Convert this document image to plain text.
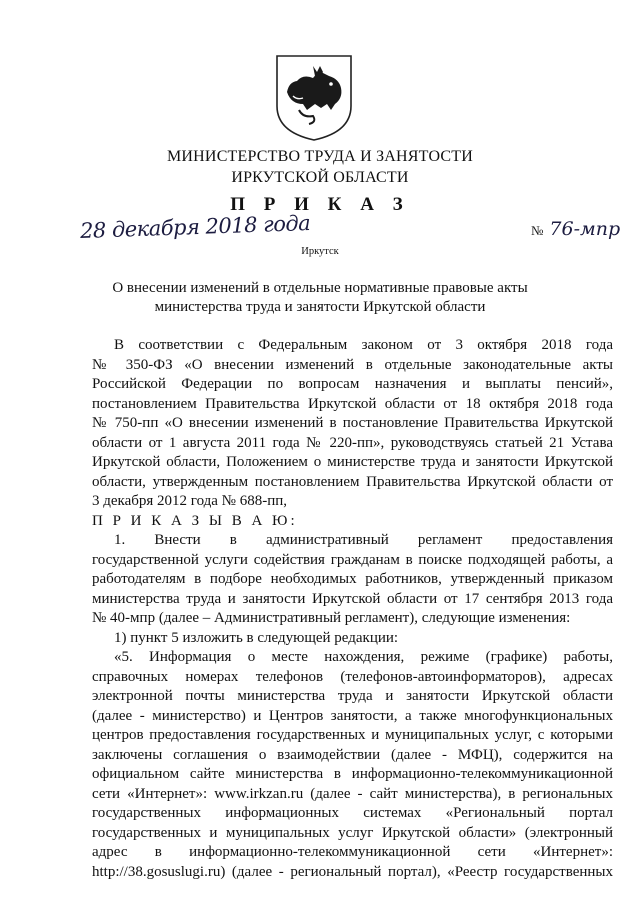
МИНИСТЕРСТВО ТРУДА И ЗАНЯТОСТИ
ИРКУТСКОЙ ОБЛАСТИ
П Р И К А З
28 декабря 2018 года	№ 76-мпр
Иркутск
О внесении изменений в отдельные нормативные правовые акты
министерства труда и занятости Иркутской области
В соответствии с Федеральным законом от 3 октября 2018 года
№ 350-ФЗ «О внесении изменений в отдельные законодательные акты
Российской Федерации по вопросам назначения и выплаты пенсий»,
постановлением Правительства Иркутской области от 18 октября 2018 года
№ 750-пп «О внесении изменений в постановление Правительства Иркутской
области от 1 августа 2011 года № 220-пп», руководствуясь статьей 21 Устава
Иркутской области, Положением о министерстве труда и занятости Иркутской
области, утвержденным постановлением Правительства Иркутской области от
3 декабря 2012 года № 688-пп,
П Р И К А З Ы В А Ю:
1. Внести в административный регламент предоставления
государственной услуги содействия гражданам в поиске подходящей работы, а
работодателям в подборе необходимых работников, утвержденный приказом
министерства труда и занятости Иркутской области от 17 сентября 2013 года
№ 40-мпр (далее – Административный регламент), следующие изменения:
1) пункт 5 изложить в следующей редакции:
«5. Информация о месте нахождения, режиме (графике) работы,
справочных номерах телефонов (телефонов-автоинформаторов), адресах
электронной почты министерства труда и занятости Иркутской области
(далее - министерство) и Центров занятости, а также многофункциональных
центров предоставления государственных и муниципальных услуг, с которыми
заключены соглашения о взаимодействии (далее - МФЦ), содержится на
официальном сайте министерства в информационно-телекоммуникационной
сети «Интернет»: www.irkzan.ru (далее - сайт министерства), в региональных
государственных информационных системах «Региональный портал
государственных и муниципальных услуг Иркутской области» (электронный
адрес в информационно-телекоммуникационной сети «Интернет»:
http://38.gosuslugi.ru) (далее - региональный портал), «Реестр государственных
